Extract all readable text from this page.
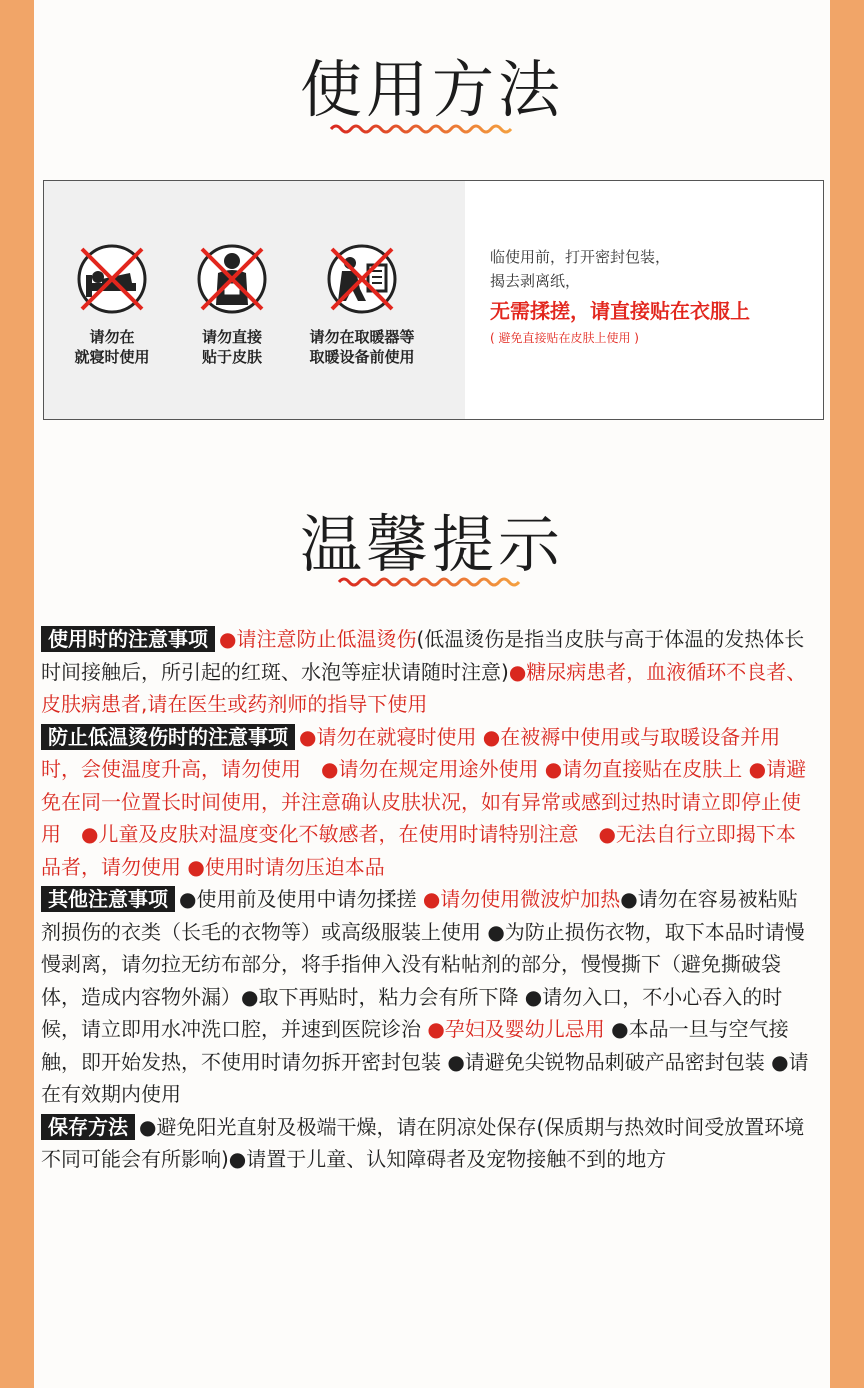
使用方法
请勿在
就寝时使用
请勿直接
贴于皮肤
请勿在取暖器等
取暖设备前使用
临使用前，打开密封包装，
揭去剥离纸，
无需揉搓，请直接贴在衣服上
( 避免直接贴在皮肤上使用 )
温馨提示
使用时的注意事项 ●请注意防止低温烫伤(低温烫伤是指当皮肤与高于体温的发热体长时间接触后，所引起的红斑、水泡等症状请随时注意)●糖尿病患者，血液循环不良者、皮肤病患者,请在医生或药剂师的指导下使用
防止低温烫伤时的注意事项 ●请勿在就寝时使用 ●在被褥中使用或与取暖设备并用时，会使温度升高，请勿使用　●请勿在规定用途外使用 ●请勿直接贴在皮肤上 ●请避免在同一位置长时间使用，并注意确认皮肤状况，如有异常或感到过热时请立即停止使用　●儿童及皮肤对温度变化不敏感者，在使用时请特别注意　●无法自行立即揭下本品者，请勿使用 ●使用时请勿压迫本品
其他注意事项 ●使用前及使用中请勿揉搓 ●请勿使用微波炉加热●请勿在容易被粘贴剂损伤的衣类（长毛的衣物等）或高级服装上使用 ●为防止损伤衣物，取下本品时请慢慢剥离，请勿拉无纺布部分，将手指伸入没有粘帖剂的部分，慢慢撕下（避免撕破袋体，造成内容物外漏）●取下再贴时，粘力会有所下降 ●请勿入口，不小心吞入的时候，请立即用水冲洗口腔，并速到医院诊治 ●孕妇及婴幼儿忌用 ●本品一旦与空气接触，即开始发热，不使用时请勿拆开密封包装 ●请避免尖锐物品刺破产品密封包装 ●请在有效期内使用
保存方法 ●避免阳光直射及极端干燥，请在阴凉处保存(保质期与热效时间受放置环境不同可能会有所影响)●请置于儿童、认知障碍者及宠物接触不到的地方
